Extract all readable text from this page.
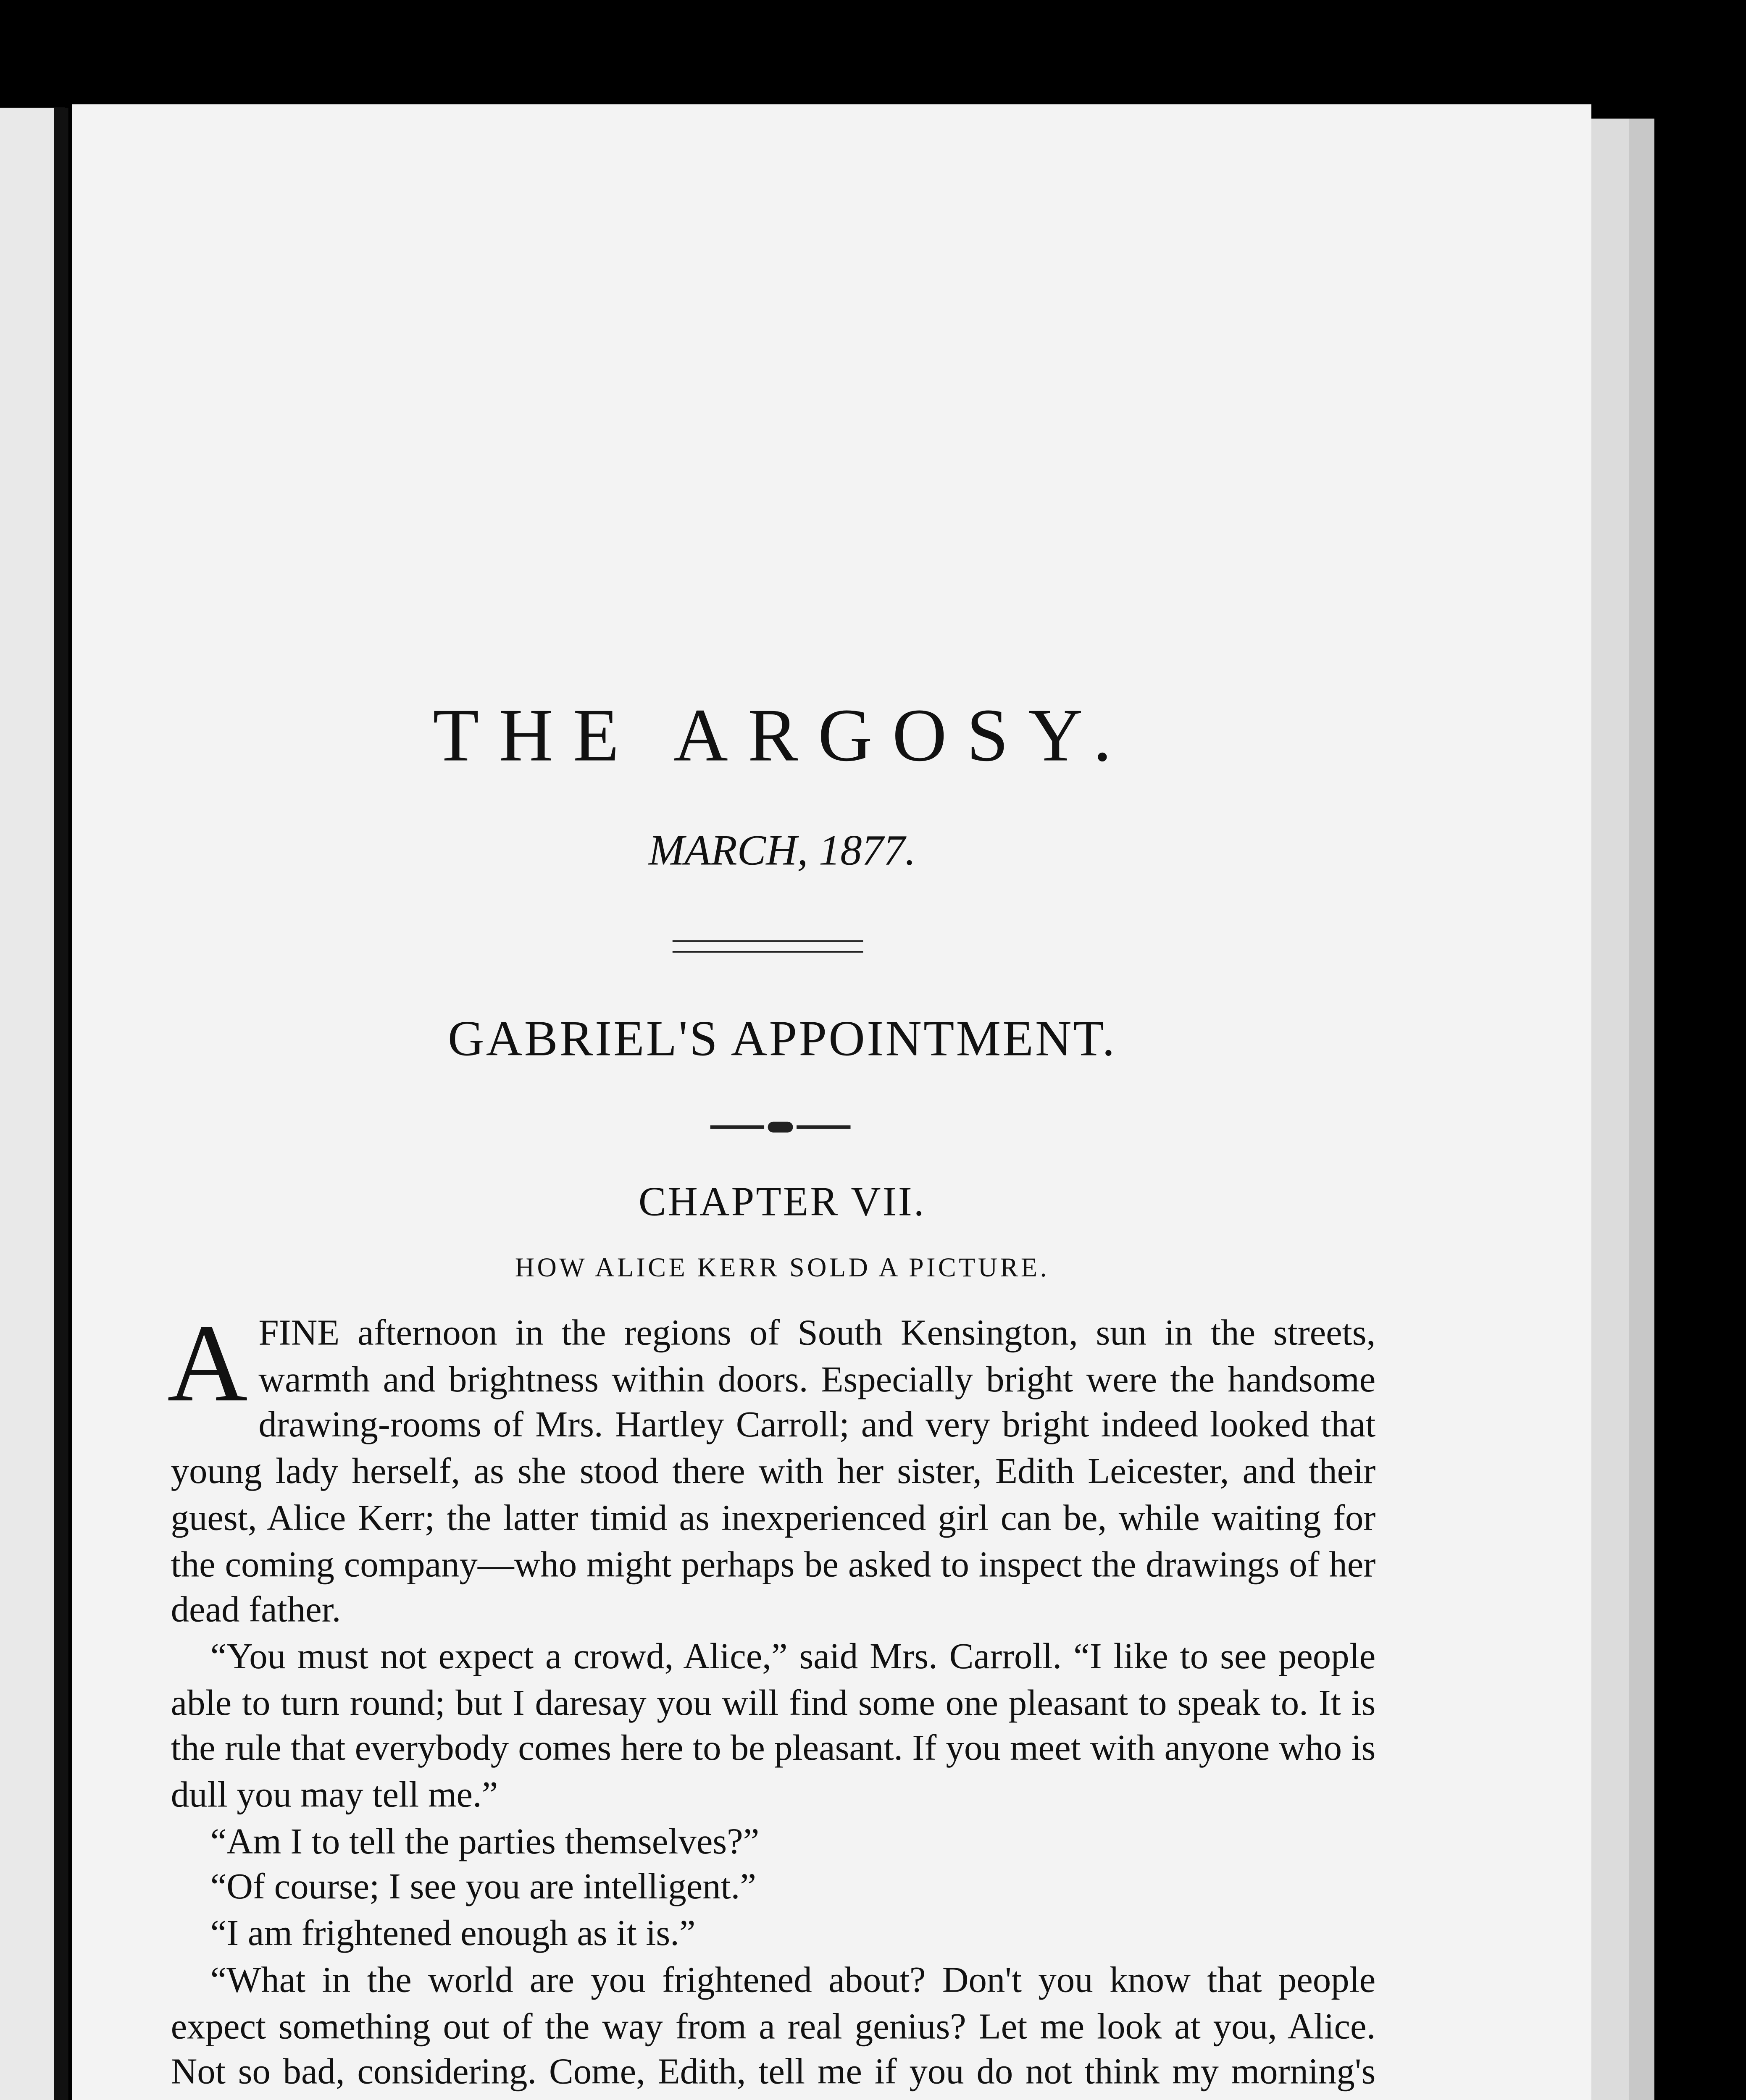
THE ARGOSY.
MARCH, 1877.
GABRIEL'S APPOINTMENT.
CHAPTER VII.
HOW ALICE KERR SOLD A PICTURE.

A FINE afternoon in the regions of South Kensington, sun in the streets, warmth and brightness within doors. Especially bright were the handsome drawing-rooms of Mrs. Hartley Carroll; and very bright indeed looked that young lady herself, as she stood there with her sister, Edith Leicester, and their guest, Alice Kerr; the latter timid as inexperienced girl can be, while waiting for the coming company—who might perhaps be asked to inspect the drawings of her dead father.

“You must not expect a crowd, Alice,” said Mrs. Carroll. “I like to see people able to turn round; but I daresay you will find some one pleasant to speak to. It is the rule that everybody comes here to be pleasant. If you meet with anyone who is dull you may tell me.”

“Am I to tell the parties themselves?”

“Of course; I see you are intelligent.”

“I am frightened enough as it is.”

“What in the world are you frightened about? Don't you know that people expect something out of the way from a real genius? Let me look at you, Alice. Not so bad, considering. Come, Edith, tell me if you do not think my morning's
